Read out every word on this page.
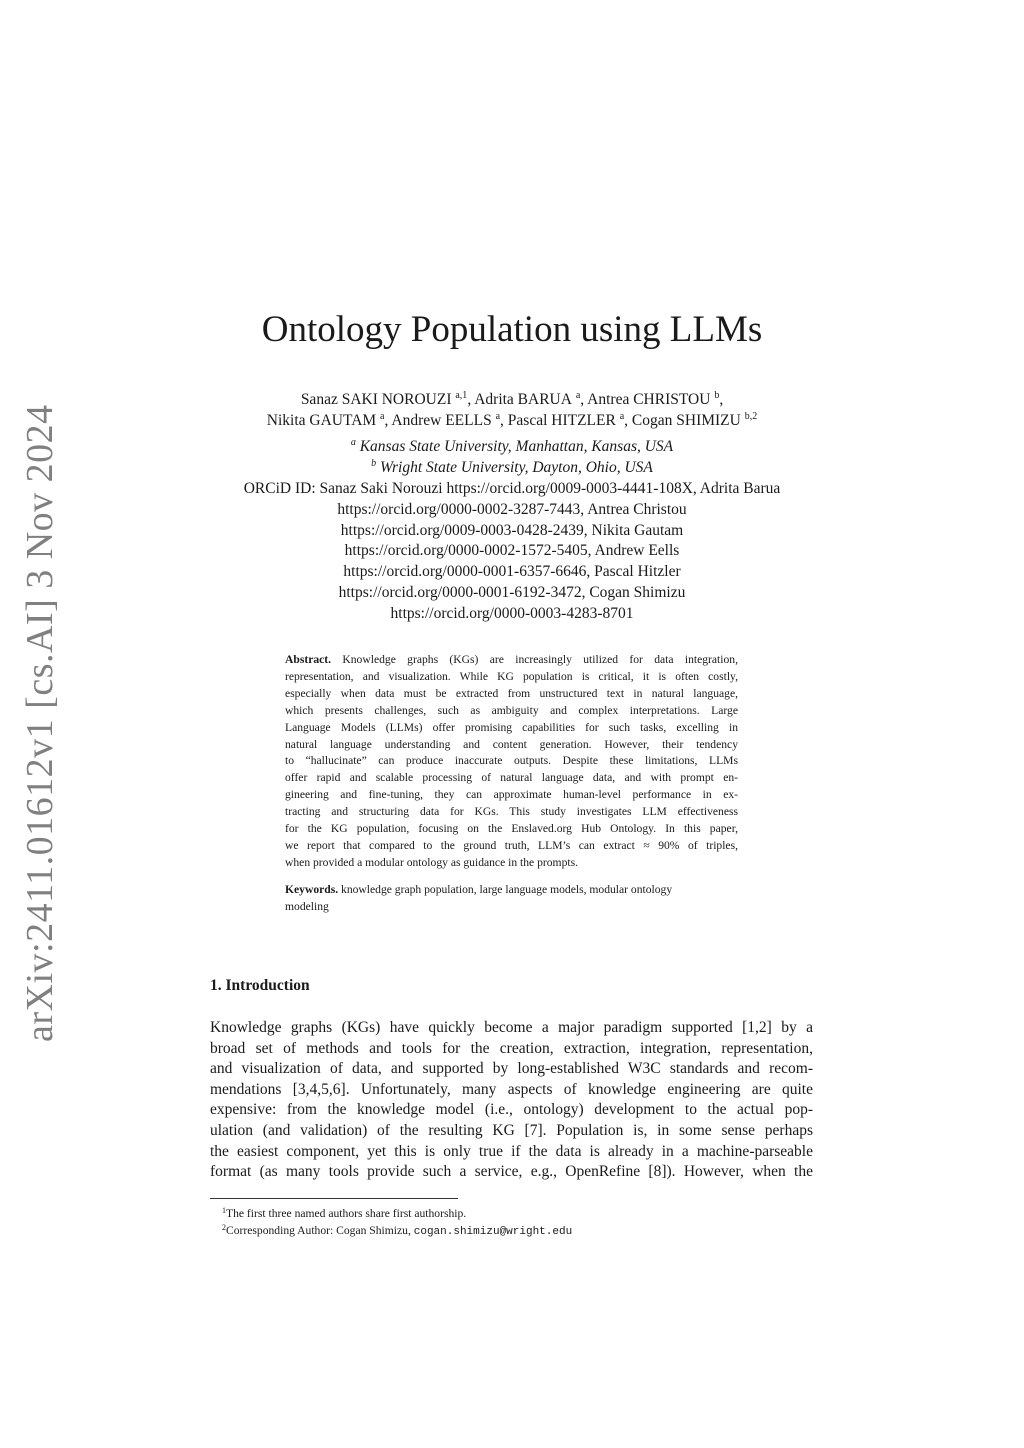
arXiv:2411.01612v1 [cs.AI] 3 Nov 2024
Ontology Population using LLMs
Sanaz SAKI NOROUZI $^{a,1}$, Adrita BARUA $^a$, Antrea CHRISTOU $^b$,
Nikita GAUTAM $^a$, Andrew EELLS $^a$, Pascal HITZLER $^a$, Cogan SHIMIZU $^{b,2}$
$^a$ Kansas State University, Manhattan, Kansas, USA
$^b$ Wright State University, Dayton, Ohio, USA
ORCiD ID: Sanaz Saki Norouzi https://orcid.org/0009-0003-4441-108X, Adrita Barua
https://orcid.org/0000-0002-3287-7443, Antrea Christou
https://orcid.org/0009-0003-0428-2439, Nikita Gautam
https://orcid.org/0000-0002-1572-5405, Andrew Eells
https://orcid.org/0000-0001-6357-6646, Pascal Hitzler
https://orcid.org/0000-0001-6192-3472, Cogan Shimizu
https://orcid.org/0000-0003-4283-8701
Abstract. Knowledge graphs (KGs) are increasingly utilized for data integration,
representation, and visualization. While KG population is critical, it is often costly,
especially when data must be extracted from unstructured text in natural language,
which presents challenges, such as ambiguity and complex interpretations. Large
Language Models (LLMs) offer promising capabilities for such tasks, excelling in
natural language understanding and content generation. However, their tendency
to “hallucinate” can produce inaccurate outputs. Despite these limitations, LLMs
offer rapid and scalable processing of natural language data, and with prompt en-
gineering and fine-tuning, they can approximate human-level performance in ex-
tracting and structuring data for KGs. This study investigates LLM effectiveness
for the KG population, focusing on the Enslaved.org Hub Ontology. In this paper,
we report that compared to the ground truth, LLM’s can extract ≈ 90% of triples,
when provided a modular ontology as guidance in the prompts.
Keywords. knowledge graph population, large language models, modular ontology
modeling
1. Introduction
Knowledge graphs (KGs) have quickly become a major paradigm supported [1,2] by a
broad set of methods and tools for the creation, extraction, integration, representation,
and visualization of data, and supported by long-established W3C standards and recom-
mendations [3,4,5,6]. Unfortunately, many aspects of knowledge engineering are quite
expensive: from the knowledge model (i.e., ontology) development to the actual pop-
ulation (and validation) of the resulting KG [7]. Population is, in some sense perhaps
the easiest component, yet this is only true if the data is already in a machine-parseable
format (as many tools provide such a service, e.g., OpenRefine [8]). However, when the
$^1$The first three named authors share first authorship.
$^2$Corresponding Author: Cogan Shimizu, cogan.shimizu@wright.edu
